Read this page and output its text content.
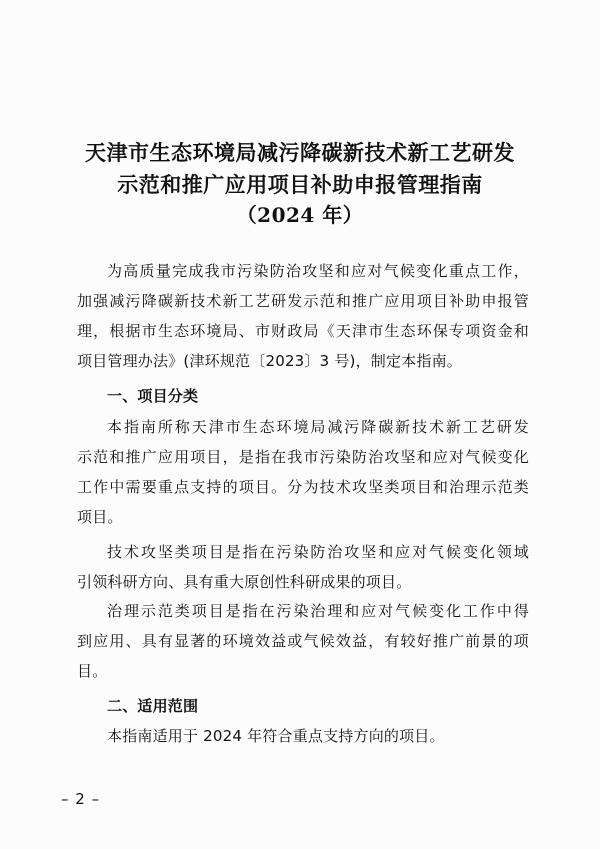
天津市生态环境局减污降碳新技术新工艺研发
示范和推广应用项目补助申报管理指南
（2024 年）
为高质量完成我市污染防治攻坚和应对气候变化重点工作，
加强减污降碳新技术新工艺研发示范和推广应用项目补助申报管
理，根据市生态环境局、市财政局《天津市生态环保专项资金和
项目管理办法》(津环规范〔2023〕3 号)，制定本指南。
一、项目分类
本指南所称天津市生态环境局减污降碳新技术新工艺研发
示范和推广应用项目，是指在我市污染防治攻坚和应对气候变化
工作中需要重点支持的项目。分为技术攻坚类项目和治理示范类
项目。
技术攻坚类项目是指在污染防治攻坚和应对气候变化领域
引领科研方向、具有重大原创性科研成果的项目。
治理示范类项目是指在污染治理和应对气候变化工作中得
到应用、具有显著的环境效益或气候效益，有较好推广前景的项
目。
二、适用范围
本指南适用于 2024 年符合重点支持方向的项目。
– 2 –
